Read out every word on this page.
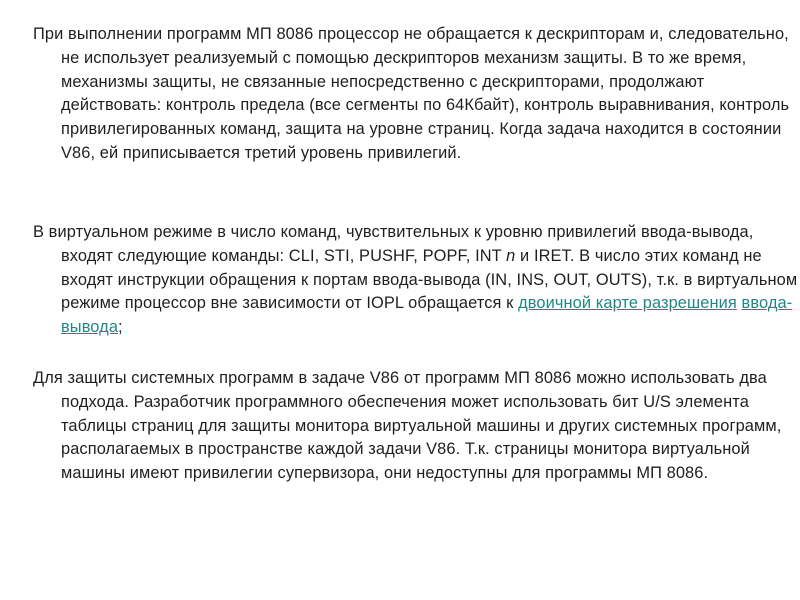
При выполнении программ МП 8086 процессор не обращается к дескрипторам и, следовательно, не использует реализуемый с помощью дескрипторов механизм защиты. В то же время, механизмы защиты, не связанные непосредственно с дескрипторами, продолжают действовать: контроль предела (все сегменты по 64Кбайт), контроль выравнивания, контроль привилегированных команд, защита на уровне страниц. Когда задача находится в состоянии V86, ей приписывается третий уровень привилегий.

В виртуальном режиме в число команд, чувствительных к уровню привилегий ввода-вывода, входят следующие команды: CLI, STI, PUSHF, POPF, INT n и IRET. В число этих команд не входят инструкции обращения к портам ввода-вывода (IN, INS, OUT, OUTS), т.к. в виртуальном режиме процессор вне зависимости от IOPL обращается к двоичной карте разрешения ввода-вывода;

Для защиты системных программ в задаче V86 от программ МП 8086 можно использовать два подхода. Разработчик программного обеспечения может использовать бит U/S элемента таблицы страниц для защиты монитора виртуальной машины и других системных программ, располагаемых в пространстве каждой задачи V86. Т.к. страницы монитора виртуальной машины имеют привилегии супервизора, они недоступны для программы МП 8086.
